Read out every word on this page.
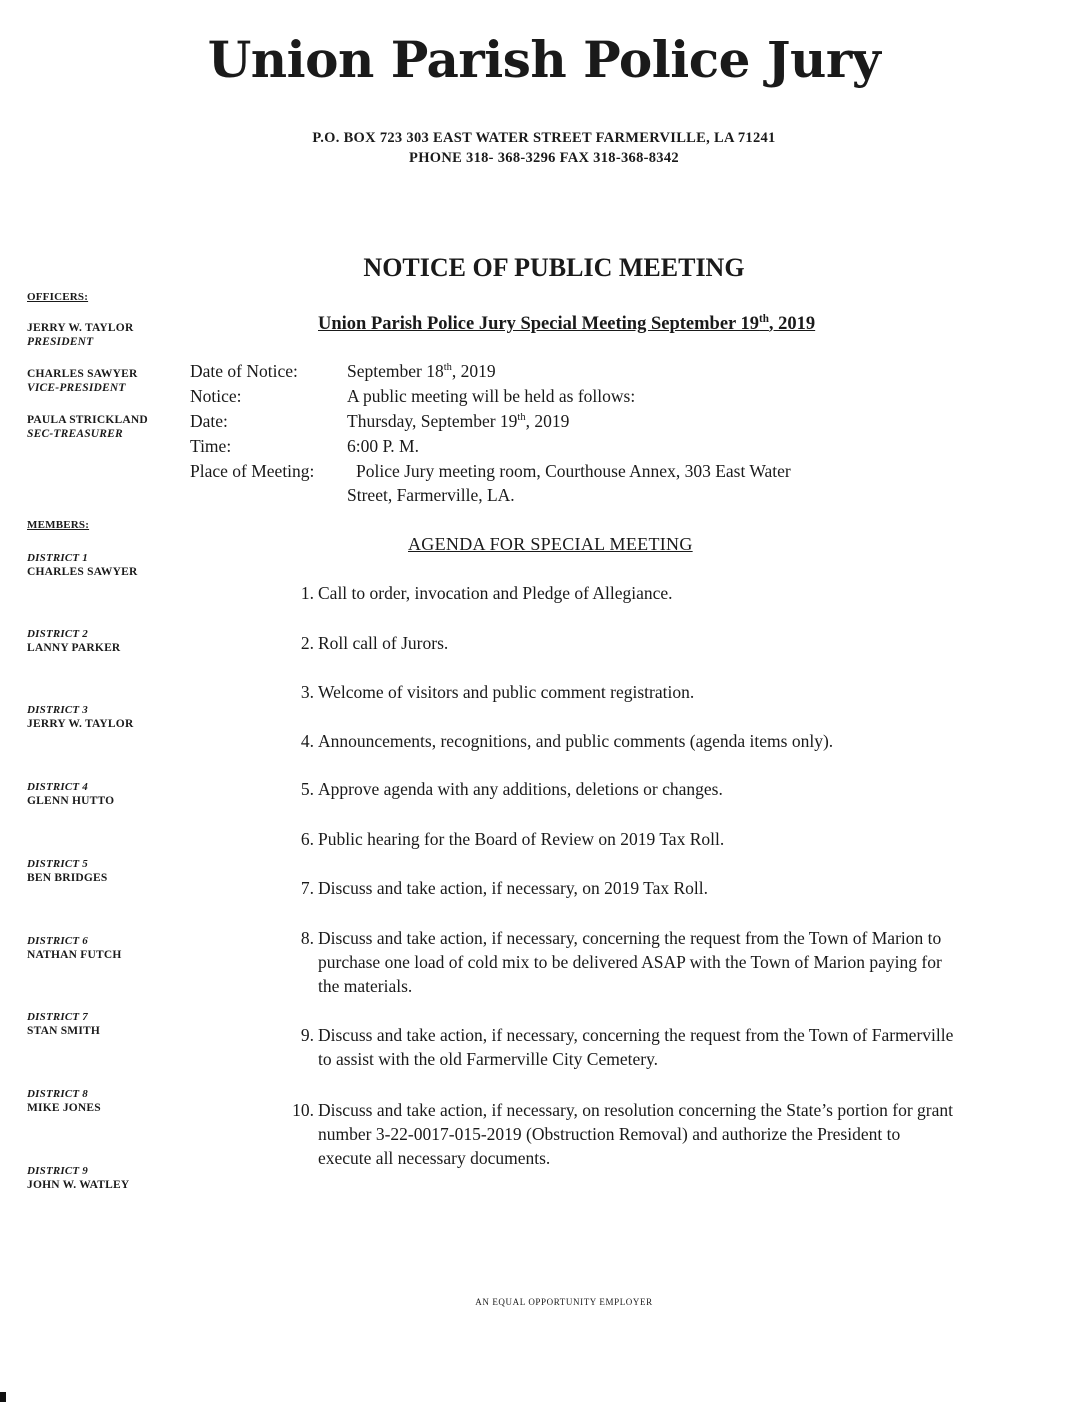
Union Parish Police Jury
P.O. BOX 723 303 EAST WATER STREET FARMERVILLE, LA 71241
PHONE 318- 368-3296 FAX 318-368-8342
NOTICE OF PUBLIC MEETING
Union Parish Police Jury Special Meeting September 19th, 2019
OFFICERS:
JERRY W. TAYLOR
PRESIDENT
CHARLES SAWYER
VICE-PRESIDENT
PAULA STRICKLAND
SEC-TREASURER
MEMBERS:
DISTRICT 1
CHARLES SAWYER
DISTRICT 2
LANNY PARKER
DISTRICT 3
JERRY W. TAYLOR
DISTRICT 4
GLENN HUTTO
DISTRICT 5
BEN BRIDGES
DISTRICT 6
NATHAN FUTCH
DISTRICT 7
STAN SMITH
DISTRICT 8
MIKE JONES
DISTRICT 9
JOHN W. WATLEY
Date of Notice:	September 18th, 2019
Notice:	A public meeting will be held as follows:
Date:	Thursday, September 19th, 2019
Time:	6:00 P. M.
Place of Meeting: Police Jury meeting room, Courthouse Annex, 303 East Water
Street, Farmerville, LA.
AGENDA FOR SPECIAL MEETING
1. Call to order, invocation and Pledge of Allegiance.
2. Roll call of Jurors.
3. Welcome of visitors and public comment registration.
4. Announcements, recognitions, and public comments (agenda items only).
5. Approve agenda with any additions, deletions or changes.
6. Public hearing for the Board of Review on 2019 Tax Roll.
7. Discuss and take action, if necessary, on 2019 Tax Roll.
8. Discuss and take action, if necessary, concerning the request from the Town of Marion to purchase one load of cold mix to be delivered ASAP with the Town of Marion paying for the materials.
9. Discuss and take action, if necessary, concerning the request from the Town of Farmerville to assist with the old Farmerville City Cemetery.
10. Discuss and take action, if necessary, on resolution concerning the State’s portion for grant number 3-22-0017-015-2019 (Obstruction Removal) and authorize the President to execute all necessary documents.
AN EQUAL OPPORTUNITY EMPLOYER
